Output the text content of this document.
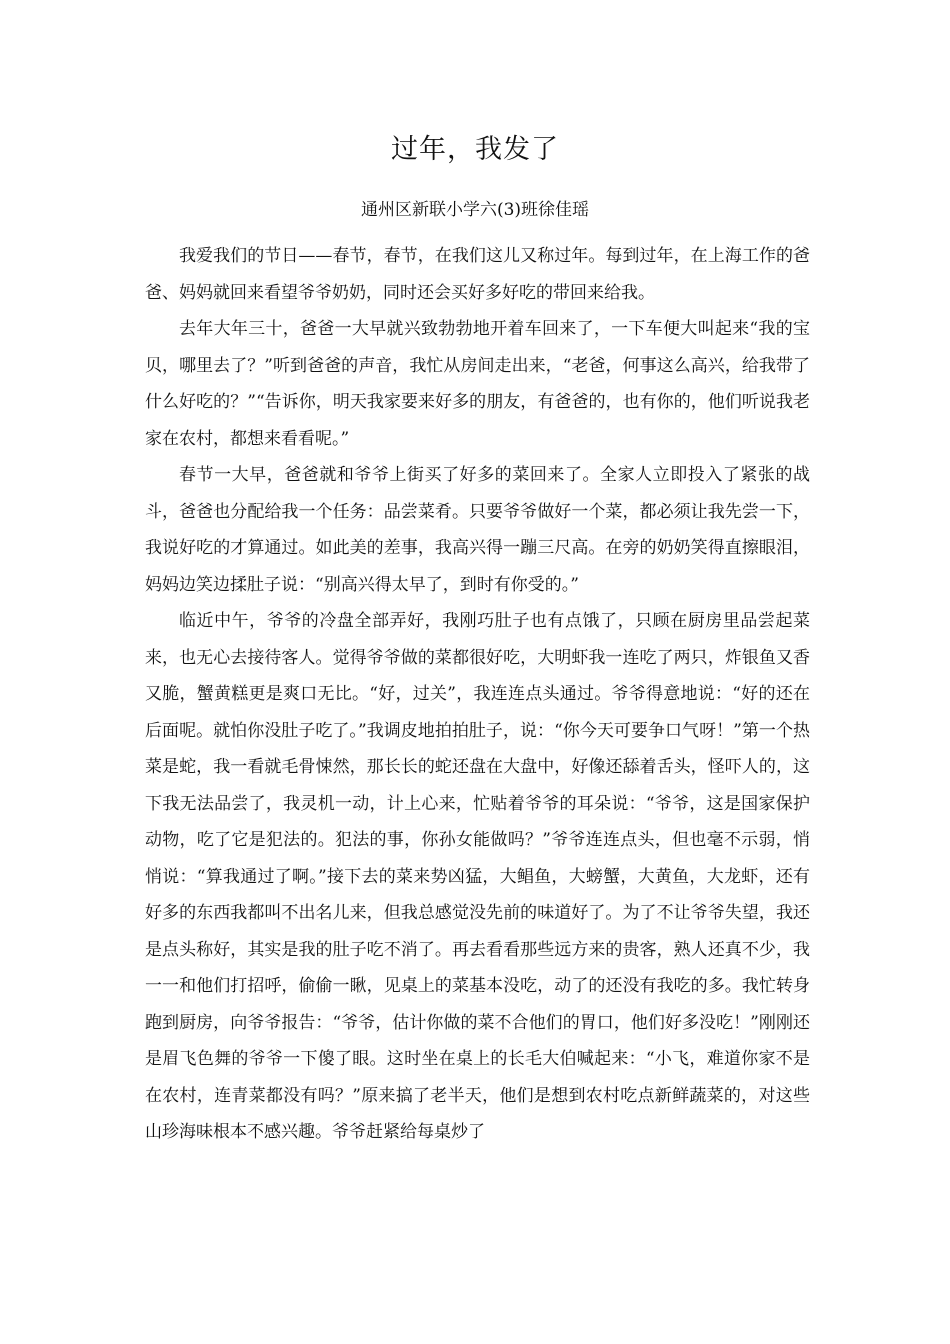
过年，我发了

通州区新联小学六(3)班徐佳瑶

我爱我们的节日——春节，春节，在我们这儿又称过年。每到过年，在上海工作的爸爸、妈妈就回来看望爷爷奶奶，同时还会买好多好吃的带回来给我。

去年大年三十，爸爸一大早就兴致勃勃地开着车回来了，一下车便大叫起来“我的宝贝，哪里去了？”听到爸爸的声音，我忙从房间走出来，“老爸，何事这么高兴，给我带了什么好吃的？”“告诉你，明天我家要来好多的朋友，有爸爸的，也有你的，他们听说我老家在农村，都想来看看呢。”

春节一大早，爸爸就和爷爷上街买了好多的菜回来了。全家人立即投入了紧张的战斗，爸爸也分配给我一个任务：品尝菜肴。只要爷爷做好一个菜，都必须让我先尝一下，我说好吃的才算通过。如此美的差事，我高兴得一蹦三尺高。在旁的奶奶笑得直擦眼泪，妈妈边笑边揉肚子说：“别高兴得太早了，到时有你受的。”

临近中午，爷爷的冷盘全部弄好，我刚巧肚子也有点饿了，只顾在厨房里品尝起菜来，也无心去接待客人。觉得爷爷做的菜都很好吃，大明虾我一连吃了两只，炸银鱼又香又脆，蟹黄糕更是爽口无比。“好，过关”，我连连点头通过。爷爷得意地说：“好的还在后面呢。就怕你没肚子吃了。”我调皮地拍拍肚子，说：“你今天可要争口气呀！”第一个热菜是蛇，我一看就毛骨悚然，那长长的蛇还盘在大盘中，好像还舔着舌头，怪吓人的，这下我无法品尝了，我灵机一动，计上心来，忙贴着爷爷的耳朵说：“爷爷，这是国家保护动物，吃了它是犯法的。犯法的事，你孙女能做吗？”爷爷连连点头，但也毫不示弱，悄悄说：“算我通过了啊。”接下去的菜来势凶猛，大鲳鱼，大螃蟹，大黄鱼，大龙虾，还有好多的东西我都叫不出名儿来，但我总感觉没先前的味道好了。为了不让爷爷失望，我还是点头称好，其实是我的肚子吃不消了。再去看看那些远方来的贵客，熟人还真不少，我一一和他们打招呼，偷偷一瞅，见桌上的菜基本没吃，动了的还没有我吃的多。我忙转身跑到厨房，向爷爷报告：“爷爷，估计你做的菜不合他们的胃口，他们好多没吃！”刚刚还是眉飞色舞的爷爷一下傻了眼。这时坐在桌上的长毛大伯喊起来：“小飞，难道你家不是在农村，连青菜都没有吗？”原来搞了老半天，他们是想到农村吃点新鲜蔬菜的，对这些山珍海味根本不感兴趣。爷爷赶紧给每桌炒了
